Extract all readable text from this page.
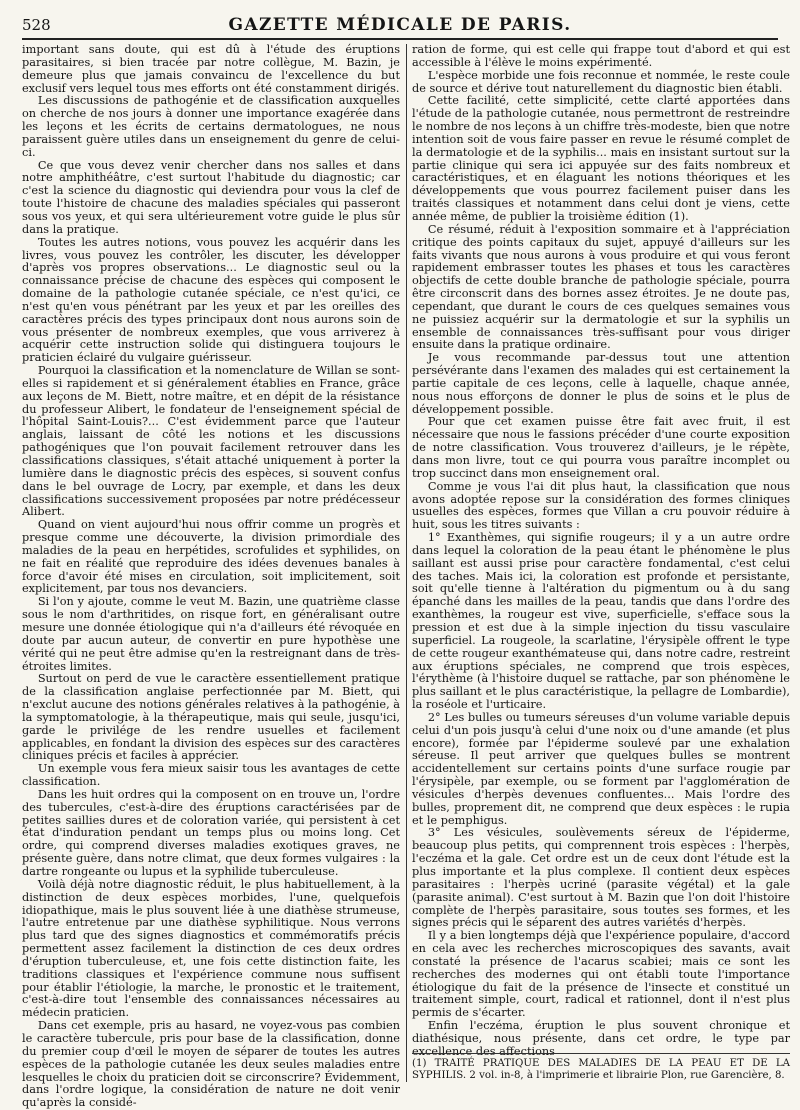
528	GAZETTE MÉDICALE DE PARIS.

important sans doute, qui est dû à l'étude des éruptions parasitaires, si bien tracée par notre collègue, M. Bazin, je demeure plus que jamais convaincu de l'excellence du but exclusif vers lequel tous mes efforts ont été constamment dirigés.

Les discussions de pathogénie et de classification auxquelles on cherche de nos jours à donner une importance exagérée dans les leçons et les écrits de certains dermatologues, ne nous paraissent guère utiles dans un enseignement du genre de celui-ci.

Ce que vous devez venir chercher dans nos salles et dans notre amphithéâtre, c'est surtout l'habitude du diagnostic; car c'est la science du diagnostic qui deviendra pour vous la clef de toute l'histoire de chacune des maladies spéciales qui passeront sous vos yeux, et qui sera ultérieurement votre guide le plus sûr dans la pratique.

Toutes les autres notions, vous pouvez les acquérir dans les livres, vous pouvez les contrôler, les discuter, les développer d'après vos propres observations... Le diagnostic seul ou la connaissance précise de chacune des espèces qui composent le domaine de la pathologie cutanée spéciale, ce n'est qu'ici, ce n'est qu'en vous pénétrant par les yeux et par les oreilles des caractères précis des types principaux dont nous aurons soin de vous présenter de nombreux exemples, que vous arriverez à acquérir cette instruction solide qui distinguera toujours le praticien éclairé du vulgaire guérisseur.

Pourquoi la classification et la nomenclature de Willan se sont-elles si rapidement et si généralement établies en France, grâce aux leçons de M. Biett, notre maître, et en dépit de la résistance du professeur Alibert, le fondateur de l'enseignement spécial de l'hôpital Saint-Louis?... C'est évidemment parce que l'auteur anglais, laissant de côté les notions et les discussions pathogéniques que l'on pouvait facilement retrouver dans les classifications classiques, s'était attaché uniquement à porter la lumière dans le diagnostic précis des espèces, si souvent confus dans le bel ouvrage de Locry, par exemple, et dans les deux classifications successivement proposées par notre prédécesseur Alibert.

Quand on vient aujourd'hui nous offrir comme un progrès et presque comme une découverte, la division primordiale des maladies de la peau en herpétides, scrofulides et syphilides, on ne fait en réalité que reproduire des idées devenues banales à force d'avoir été mises en circulation, soit implicitement, soit explicitement, par tous nos devanciers.

Si l'on y ajoute, comme le veut M. Bazin, une quatrième classe sous le nom d'arthritides, on risque fort, en généralisant outre mesure une donnée étiologique qui n'a d'ailleurs été révoquée en doute par aucun auteur, de convertir en pure hypothèse une vérité qui ne peut être admise qu'en la restreignant dans de très-étroites limites.

Surtout on perd de vue le caractère essentiellement pratique de la classification anglaise perfectionnée par M. Biett, qui n'exclut aucune des notions générales relatives à la pathogénie, à la symptomatologie, à la thérapeutique, mais qui seule, jusqu'ici, garde le privilége de les rendre usuelles et facilement applicables, en fondant la division des espèces sur des caractères cliniques précis et faciles à apprécier.

Un exemple vous fera mieux saisir tous les avantages de cette classification.

Dans les huit ordres qui la composent on en trouve un, l'ordre des tubercules, c'est-à-dire des éruptions caractérisées par de petites saillies dures et de coloration variée, qui persistent à cet état d'induration pendant un temps plus ou moins long. Cet ordre, qui comprend diverses maladies exotiques graves, ne présente guère, dans notre climat, que deux formes vulgaires : la dartre rongeante ou lupus et la syphilide tuberculeuse.

Voilà déjà notre diagnostic réduit, le plus habituellement, à la distinction de deux espèces morbides, l'une, quelquefois idiopathique, mais le plus souvent liée à une diathèse strumeuse, l'autre entretenue par une diathèse syphilitique. Nous verrons plus tard que des signes diagnostics et commémoratifs précis permettent assez facilement la distinction de ces deux ordres d'éruption tuberculeuse, et, une fois cette distinction faite, les traditions classiques et l'expérience commune nous suffisent pour établir l'étiologie, la marche, le pronostic et le traitement, c'est-à-dire tout l'ensemble des connaissances nécessaires au médecin praticien.

Dans cet exemple, pris au hasard, ne voyez-vous pas combien le caractère tubercule, pris pour base de la classification, donne du premier coup d'œil le moyen de séparer de toutes les autres espèces de la pathologie cutanée les deux seules maladies entre lesquelles le choix du praticien doit se circonscrire? Évidemment, dans l'ordre logique, la considération de nature ne doit venir qu'après la considé-

ration de forme, qui est celle qui frappe tout d'abord et qui est accessible à l'élève le moins expérimenté.

L'espèce morbide une fois reconnue et nommée, le reste coule de source et dérive tout naturellement du diagnostic bien établi.

Cette facilité, cette simplicité, cette clarté apportées dans l'étude de la pathologie cutanée, nous permettront de restreindre le nombre de nos leçons à un chiffre très-modeste, bien que notre intention soit de vous faire passer en revue le résumé complet de la dermatologie et de la syphilis... mais en insistant surtout sur la partie clinique qui sera ici appuyée sur des faits nombreux et caractéristiques, et en élaguant les notions théoriques et les développements que vous pourrez facilement puiser dans les traités classiques et notamment dans celui dont je viens, cette année même, de publier la troisième édition (1).

Ce résumé, réduit à l'exposition sommaire et à l'appréciation critique des points capitaux du sujet, appuyé d'ailleurs sur les faits vivants que nous aurons à vous produire et qui vous feront rapidement embrasser toutes les phases et tous les caractères objectifs de cette double branche de pathologie spéciale, pourra être circonscrit dans des bornes assez étroites. Je ne doute pas, cependant, que durant le cours de ces quelques semaines vous ne puissiez acquérir sur la dermatologie et sur la syphilis un ensemble de connaissances très-suffisant pour vous diriger ensuite dans la pratique ordinaire.

Je vous recommande par-dessus tout une attention persévérante dans l'examen des malades qui est certainement la partie capitale de ces leçons, celle à laquelle, chaque année, nous nous efforçons de donner le plus de soins et le plus de développement possible.

Pour que cet examen puisse être fait avec fruit, il est nécessaire que nous le fassions précéder d'une courte exposition de notre classification. Vous trouverez d'ailleurs, je le répète, dans mon livre, tout ce qui pourra vous paraître incomplet ou trop succinct dans mon enseignement oral.

Comme je vous l'ai dit plus haut, la classification que nous avons adoptée repose sur la considération des formes cliniques usuelles des espèces, formes que Villan a cru pouvoir réduire à huit, sous les titres suivants :

1° Exanthèmes, qui signifie rougeurs; il y a un autre ordre dans lequel la coloration de la peau étant le phénomène le plus saillant est aussi prise pour caractère fondamental, c'est celui des taches. Mais ici, la coloration est profonde et persistante, soit qu'elle tienne à l'altération du pigmentum ou à du sang épanché dans les mailles de la peau, tandis que dans l'ordre des exanthèmes, la rougeur est vive, superficielle, s'efface sous la pression et est due à la simple injection du tissu vasculaire superficiel. La rougeole, la scarlatine, l'érysipèle offrent le type de cette rougeur exanthémateuse qui, dans notre cadre, restreint aux éruptions spéciales, ne comprend que trois espèces, l'érythème (à l'histoire duquel se rattache, par son phénomène le plus saillant et le plus caractéristique, la pellagre de Lombardie), la roséole et l'urticaire.

2° Les bulles ou tumeurs séreuses d'un volume variable depuis celui d'un pois jusqu'à celui d'une noix ou d'une amande (et plus encore), formée par l'épiderme soulevé par une exhalation séreuse. Il peut arriver que quelques bulles se montrent accidentellement sur certains points d'une surface rougie par l'érysipèle, par exemple, ou se forment par l'agglomération de vésicules d'herpès devenues confluentes... Mais l'ordre des bulles, proprement dit, ne comprend que deux espèces : le rupia et le pemphigus.

3° Les vésicules, soulèvements séreux de l'épiderme, beaucoup plus petits, qui comprennent trois espèces : l'herpès, l'eczéma et la gale. Cet ordre est un de ceux dont l'étude est la plus importante et la plus complexe. Il contient deux espèces parasitaires : l'herpès ucriné (parasite végétal) et la gale (parasite animal). C'est surtout à M. Bazin que l'on doit l'histoire complète de l'herpès parasitaire, sous toutes ses formes, et les signes précis qui le séparent des autres variétés d'herpès.

Il y a bien longtemps déjà que l'expérience populaire, d'accord en cela avec les recherches microscopiques des savants, avait constaté la présence de l'acarus scabiei; mais ce sont les recherches des modernes qui ont établi toute l'importance étiologique du fait de la présence de l'insecte et constitué un traitement simple, court, radical et rationnel, dont il n'est plus permis de s'écarter.

Enfin l'eczéma, éruption le plus souvent chronique et diathésique, nous présente, dans cet ordre, le type par excellence des affections

(1) TRAITÉ PRATIQUE DES MALADIES DE LA PEAU ET DE LA SYPHILIS. 2 vol. in-8, à l'imprimerie et librairie Plon, rue Garencière, 8.
